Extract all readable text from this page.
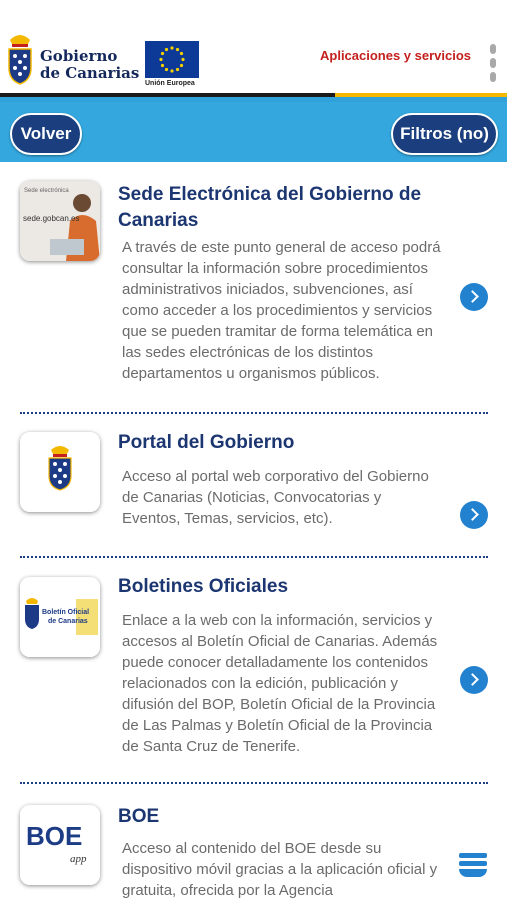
Gobierno
de Canarias
Unión Europea
Aplicaciones y servicios
Volver	Filtros (no)
Sede electrónica
sede.gobcan.es
Sede Electrónica del Gobierno de Canarias
A través de este punto general de acceso podrá consultar la información sobre procedimientos administrativos iniciados, subvenciones, así como acceder a los procedimientos y servicios que se pueden tramitar de forma telemática en las sedes electrónicas de los distintos departamentos u organismos públicos.
Portal del Gobierno
Acceso al portal web corporativo del Gobierno de Canarias (Noticias, Convocatorias y Eventos, Temas, servicios, etc).
Boletín Oficial
de Canarias
Boletines Oficiales
Enlace a la web con la información, servicios y accesos al Boletín Oficial de Canarias. Además puede conocer detalladamente los contenidos relacionados con la edición, publicación y difusión del BOP, Boletín Oficial de la Provincia de Las Palmas y Boletín Oficial de la Provincia de Santa Cruz de Tenerife.
BOE
app
BOE
Acceso al contenido del BOE desde su dispositivo móvil gracias a la aplicación oficial y gratuita, ofrecida por la Agencia
